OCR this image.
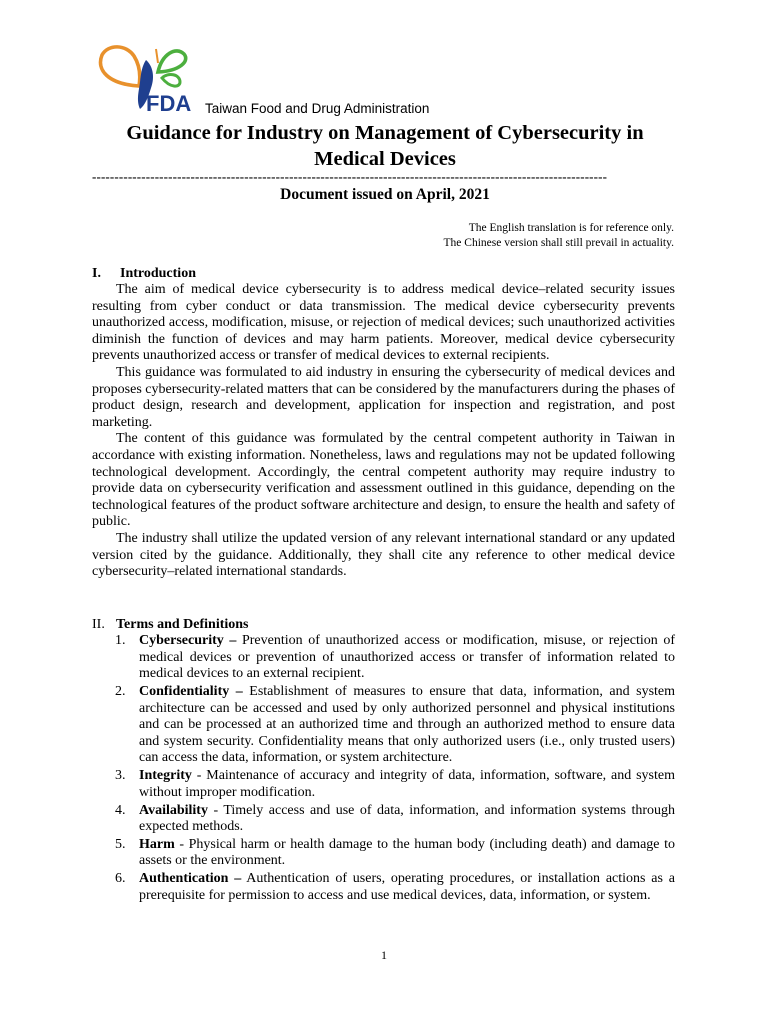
FDA Taiwan Food and Drug Administration
Guidance for Industry on Management of Cybersecurity in Medical Devices
-------------------------------------------------------------------------------------------------------------------
Document issued on April, 2021
The English translation is for reference only.
The Chinese version shall still prevail in actuality.
I. Introduction

The aim of medical device cybersecurity is to address medical device–related security issues resulting from cyber conduct or data transmission. The medical device cybersecurity prevents unauthorized access, modification, misuse, or rejection of medical devices; such unauthorized activities diminish the function of devices and may harm patients. Moreover, medical device cybersecurity prevents unauthorized access or transfer of medical devices to external recipients.

This guidance was formulated to aid industry in ensuring the cybersecurity of medical devices and proposes cybersecurity-related matters that can be considered by the manufacturers during the phases of product design, research and development, application for inspection and registration, and post marketing.

The content of this guidance was formulated by the central competent authority in Taiwan in accordance with existing information. Nonetheless, laws and regulations may not be updated following technological development. Accordingly, the central competent authority may require industry to provide data on cybersecurity verification and assessment outlined in this guidance, depending on the technological features of the product software architecture and design, to ensure the health and safety of public.

The industry shall utilize the updated version of any relevant international standard or any updated version cited by the guidance. Additionally, they shall cite any reference to other medical device cybersecurity–related international standards.

II. Terms and Definitions
1. Cybersecurity – Prevention of unauthorized access or modification, misuse, or rejection of medical devices or prevention of unauthorized access or transfer of information related to medical devices to an external recipient.
2. Confidentiality – Establishment of measures to ensure that data, information, and system architecture can be accessed and used by only authorized personnel and physical institutions and can be processed at an authorized time and through an authorized method to ensure data and system security. Confidentiality means that only authorized users (i.e., only trusted users) can access the data, information, or system architecture.
3. Integrity - Maintenance of accuracy and integrity of data, information, software, and system without improper modification.
4. Availability - Timely access and use of data, information, and information systems through expected methods.
5. Harm - Physical harm or health damage to the human body (including death) and damage to assets or the environment.
6. Authentication – Authentication of users, operating procedures, or installation actions as a prerequisite for permission to access and use medical devices, data, information, or system.
1
